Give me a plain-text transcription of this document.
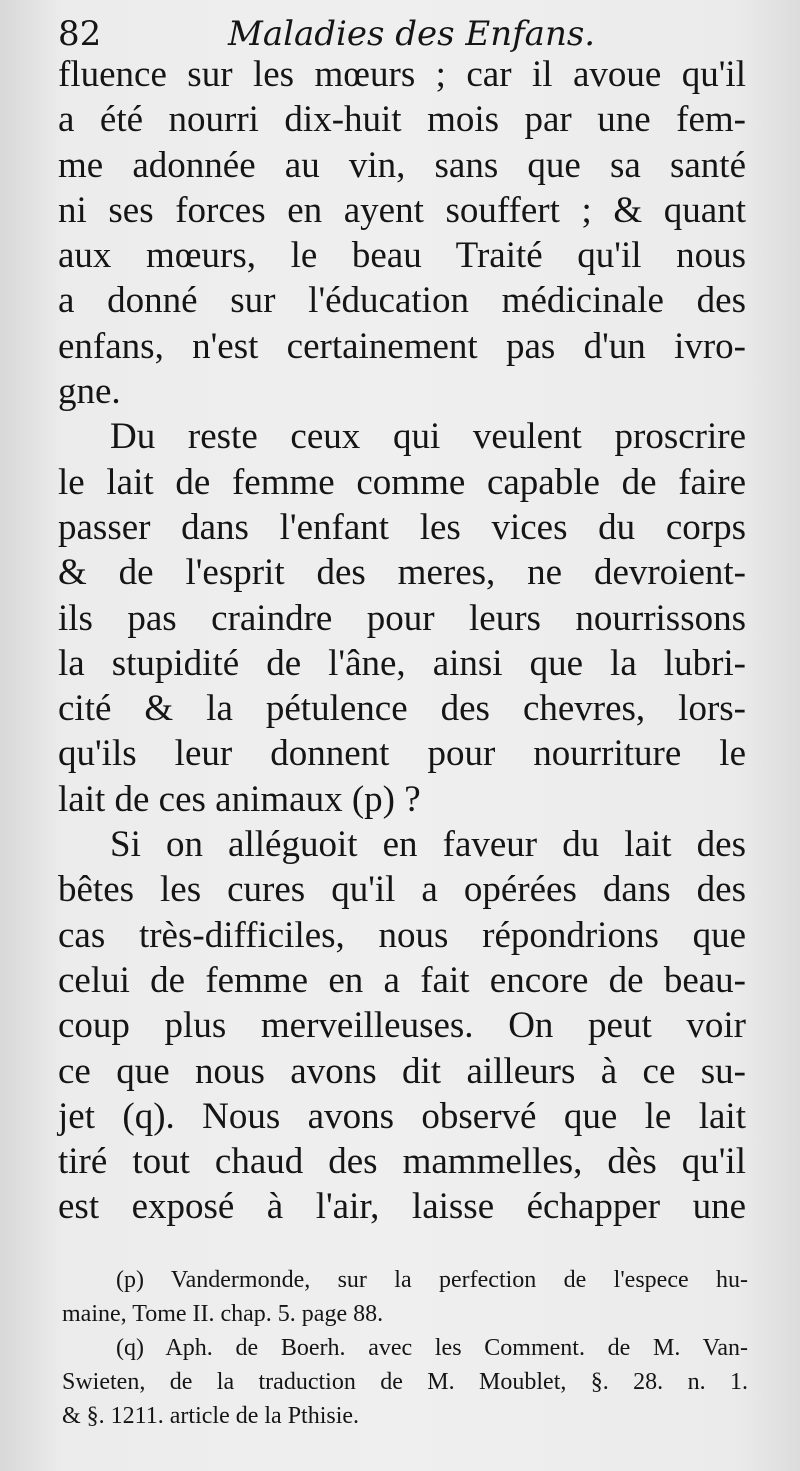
82	Maladies des Enfans.
fluence sur les mœurs ; car il avoue qu'il
a été nourri dix-huit mois par une fem-
me adonnée au vin, sans que sa santé
ni ses forces en ayent souffert ; & quant
aux mœurs, le beau Traité qu'il nous
a donné sur l'éducation médicinale des
enfans, n'est certainement pas d'un ivro-
gne.
Du reste ceux qui veulent proscrire
le lait de femme comme capable de faire
passer dans l'enfant les vices du corps
& de l'esprit des meres, ne devroient-
ils pas craindre pour leurs nourrissons
la stupidité de l'âne, ainsi que la lubri-
cité & la pétulence des chevres, lors-
qu'ils leur donnent pour nourriture le
lait de ces animaux (p) ?
Si on alléguoit en faveur du lait des
bêtes les cures qu'il a opérées dans des
cas très-difficiles, nous répondrions que
celui de femme en a fait encore de beau-
coup plus merveilleuses. On peut voir
ce que nous avons dit ailleurs à ce su-
jet (q). Nous avons observé que le lait
tiré tout chaud des mammelles, dès qu'il
est exposé à l'air, laisse échapper une
(p) Vandermonde, sur la perfection de l'espece hu-
maine, Tome II. chap. 5. page 88.
(q) Aph. de Boerh. avec les Comment. de M. Van-
Swieten, de la traduction de M. Moublet, §. 28. n. 1.
& §. 1211. article de la Pthisie.
